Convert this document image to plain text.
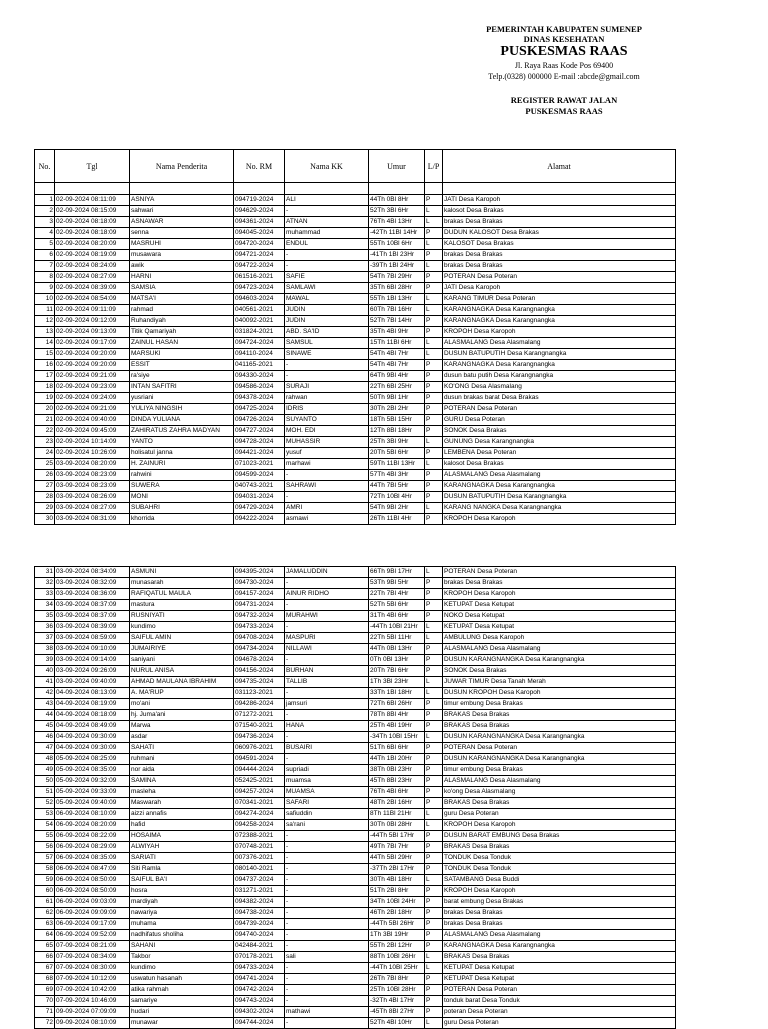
PEMERINTAH KABUPATEN SUMENEP
DINAS KESEHATAN
PUSKESMAS RAAS
Jl. Raya Raas Kode Pos 69400
Telp.(0328) 000000 E-mail :abcde@gmail.com
REGISTER RAWAT JALAN
PUSKESMAS RAAS
No.	Tgl	Nama Penderita	No. RM	Nama KK	Umur	L/P	Alamat

1	02-09-2024 08:11:09	ASNIYA	094719-2024	ALI	44Th 0Bl 8Hr	P	JATI Desa Karopoh
2	02-09-2024 08:15:09	sahwari	094629-2024	-	52Th 3Bl 6Hr	L	kalosot Desa Brakas
3	02-09-2024 08:18:09	ASNAWAR	094361-2024	ATNAN	76Th 4Bl 13Hr	L	brakas Desa Brakas
4	02-09-2024 08:18:09	senna	094045-2024	muhammad	-42Th 11Bl 14Hr	P	DUDUN KALOSOT Desa Brakas
5	02-09-2024 08:20:09	MASRUHI	094720-2024	ENDUL	55Th 10Bl 6Hr	L	KALOSOT Desa Brakas
6	02-09-2024 08:19:09	musawara	094721-2024	-	-41Th 1Bl 23Hr	P	brakas Desa Brakas
7	02-09-2024 08:24:09	awik	094722-2024	-	-39Th 1Bl 24Hr	L	brakas Desa Brakas
8	02-09-2024 08:27:09	HARNI	061516-2021	SAFIE	54Th 7Bl 29Hr	P	POTERAN Desa Poteran
9	02-09-2024 08:39:09	SAMSIA	094723-2024	SAMLAWI	35Th 6Bl 28Hr	P	JATI Desa Karopoh
10	02-09-2024 08:54:09	MATSA'I	094603-2024	MAWAL	55Th 1Bl 13Hr	L	KARANG TIMUR Desa Poteran
11	02-09-2024 09:11:09	rahmad	040561-2021	JUDIN	60Th 7Bl 16Hr	L	KARANGNAGKA Desa Karangnangka
12	02-09-2024 09:12:09	Ruhandiyah	040092-2021	JUDIN	52Th 7Bl 14Hr	P	KARANGNAGKA Desa Karangnangka
13	02-09-2024 09:13:09	Titik Qamariyah	031824-2021	ABD. SA'ID	35Th 4Bl 9Hr	P	KROPOH Desa Karopoh
14	02-09-2024 09:17:09	ZAINUL HASAN	094724-2024	SAMSUL	15Th 11Bl 6Hr	L	ALASMALANG Desa Alasmalang
15	02-09-2024 09:20:09	MARSUKI	094110-2024	SINAWE	54Th 4Bl 7Hr	L	DUSUN BATUPUTIH Desa Karangnangka
16	02-09-2024 09:20:09	ESSIT	041165-2021	-	54Th 4Bl 7Hr	P	KARANGNAGKA Desa Karangnangka
17	02-09-2024 09:21:09	ra'siye	094330-2024	-	64Th 9Bl 4Hr	P	dusun batu putih Desa Karangnangka
18	02-09-2024 09:23:09	INTAN SAFITRI	094586-2024	SURAJI	22Th 6Bl 25Hr	P	KO'ONG Desa Alasmalang
19	02-09-2024 09:24:09	yusriani	094378-2024	rahwan	50Th 9Bl 1Hr	P	dusun brakas barat Desa Brakas
20	02-09-2024 09:21:09	YULIYA NINGSIH	094725-2024	IDRIS	30Th 2Bl 2Hr	P	POTERAN Desa Poteran
21	02-09-2024 09:40:09	DINDA YULIANA	094726-2024	SUYANTO	18Th 5Bl 15Hr	P	GURU Desa Poteran
22	02-09-2024 09:45:09	ZAHIRATUS ZAHRA MADYAN	094727-2024	MOH. EDI	12Th 8Bl 18Hr	P	SONOK Desa Brakas
23	02-09-2024 10:14:09	YANTO	094728-2024	MUHASSIR	25Th 3Bl 9Hr	L	GUNUNG Desa Karangnangka
24	02-09-2024 10:26:09	holisatul janna	094421-2024	yusuf	20Th 5Bl 6Hr	P	LEMBENA Desa Poteran
25	03-09-2024 08:20:09	H. ZAINURI	071023-2021	marhawi	59Th 11Bl 13Hr	L	kalosot Desa Brakas
26	03-09-2024 08:23:09	rahwini	094599-2024	-	57Th 4Bl 3Hr	P	ALASMALANG Desa Alasmalang
27	03-09-2024 08:23:09	SUWERA	040743-2021	SAHRAWI	44Th 7Bl 5Hr	P	KARANGNAGKA Desa Karangnangka
28	03-09-2024 08:26:09	MONI	094031-2024	-	72Th 10Bl 4Hr	P	DUSUN BATUPUTIH Desa Karangnangka
29	03-09-2024 08:27:09	SUBAHRI	094729-2024	AMRI	54Th 9Bl 2Hr	L	KARANG NANGKA Desa Karangnangka
30	03-09-2024 08:31:09	khorrida	094222-2024	asmawi	26Th 11Bl 4Hr	P	KROPOH Desa Karopoh
31	03-09-2024 08:34:09	ASMUNI	094395-2024	JAMALUDDIN	66Th 9Bl 17Hr	L	POTERAN Desa Poteran
32	03-09-2024 08:32:09	munasarah	094730-2024	-	53Th 9Bl 5Hr	P	brakas Desa Brakas
33	03-09-2024 08:36:09	RAFIQATUL MAULA	094157-2024	AINUR RIDHO	22Th 7Bl 4Hr	P	KROPOH Desa Karopoh
34	03-09-2024 08:37:09	mastura	094731-2024	-	52Th 5Bl 6Hr	P	KETUPAT Desa Ketupat
35	03-09-2024 08:37:09	RUSNIYATI	094732-2024	MURAHWI	31Th 4Bl 6Hr	P	NOKO Desa Ketupat
36	03-09-2024 08:39:09	kundimo	094733-2024	-	-44Th 10Bl 21Hr	L	KETUPAT Desa Ketupat
37	03-09-2024 08:59:09	SAIFUL AMIN	094708-2024	MASPURI	22Th 5Bl 11Hr	L	AMBULUNG Desa Karopoh
38	03-09-2024 09:10:09	JUMAIRIYE	094734-2024	NILLAWI	44Th 0Bl 13Hr	P	ALASMALANG Desa Alasmalang
39	03-09-2024 09:14:09	saniyani	094678-2024	-	0Th 0Bl 13Hr	P	DUSUN KARANGNANGKA Desa Karangnangka
40	03-09-2024 09:26:09	NURUL ANISA	094156-2024	BURHAN	20Th 7Bl 6Hr	P	SONOK Desa Brakas
41	03-09-2024 09:40:09	AHMAD MAULANA IBRAHIM	094735-2024	TALLIB	1Th 3Bl 23Hr	L	JUWAR TIMUR Desa Tanah Merah
42	04-09-2024 08:13:09	A. MA'RUP	031123-2021	-	33Th 1Bl 18Hr	L	DUSUN KROPOH Desa Karopoh
43	04-09-2024 08:19:09	mo'ani	094286-2024	jamsuri	72Th 6Bl 26Hr	P	timur embung Desa Brakas
44	04-09-2024 08:18:09	hj. Juma'ani	071272-2021	-	78Th 8Bl 4Hr	P	BRAKAS Desa Brakas
45	04-09-2024 08:49:09	Marwa	071540-2021	HANA	25Th 4Bl 19Hr	P	BRAKAS Desa Brakas
46	04-09-2024 09:30:09	asdar	094736-2024	-	-34Th 10Bl 15Hr	L	DUSUN KARANGNANGKA Desa Karangnangka
47	04-09-2024 09:30:09	SAHATI	060976-2021	BUSAIRI	51Th 6Bl 6Hr	P	POTERAN Desa Poteran
48	05-09-2024 08:25:09	ruhmani	094591-2024	-	44Th 1Bl 20Hr	P	DUSUN KARANGNANGKA Desa Karangnangka
49	05-09-2024 08:35:09	nor aida	094444-2024	supriadi	38Th 0Bl 23Hr	P	timur embung Desa Brakas
50	05-09-2024 09:32:09	SAMINA	052425-2021	muamsa	45Th 8Bl 23Hr	P	ALASMALANG Desa Alasmalang
51	05-09-2024 09:33:09	masleha	094257-2024	MUAMSA	76Th 4Bl 6Hr	P	ko'ong Desa Alasmalang
52	05-09-2024 09:40:09	Maswarah	070341-2021	SAFARI	48Th 2Bl 16Hr	P	BRAKAS Desa Brakas
53	06-09-2024 08:10:09	aizzi annafis	094274-2024	safiuddin	8Th 11Bl 21Hr	L	guru Desa Poteran
54	06-09-2024 08:20:09	hafid	094258-2024	sa'rani	30Th 0Bl 28Hr	L	KROPOH Desa Karopoh
55	06-09-2024 08:22:09	HOSAIMA	072388-2021	-	-44Th 5Bl 17Hr	P	DUSUN BARAT EMBUNG Desa Brakas
56	06-09-2024 08:29:09	ALWIYAH	070748-2021	-	49Th 7Bl 7Hr	P	BRAKAS Desa Brakas
57	06-09-2024 08:35:09	SARIATI	007376-2021	-	44Th 5Bl 29Hr	P	TONDUK Desa Tonduk
58	06-09-2024 08:47:09	Siti Ramla	080140-2021	-	-37Th 2Bl 17Hr	P	TONDUK Desa Tonduk
59	06-09-2024 08:50:09	SAIFUL BA'I	094737-2024	-	30Th 4Bl 18Hr	L	SATAMBANG Desa Buddi
60	06-09-2024 08:50:09	hosra	031271-2021	-	51Th 2Bl 8Hr	P	KROPOH Desa Karopoh
61	06-09-2024 09:03:09	mardiyah	094382-2024	-	34Th 10Bl 24Hr	P	barat embung Desa Brakas
62	06-09-2024 09:09:09	nawariya	094738-2024	-	46Th 2Bl 18Hr	P	brakas Desa Brakas
63	06-09-2024 09:17:09	muhama	094739-2024	-	-44Th 5Bl 26Hr	P	brakas Desa Brakas
64	06-09-2024 09:52:09	nadhifatus sholiha	094740-2024	-	1Th 3Bl 19Hr	P	ALASMALANG Desa Alasmalang
65	07-09-2024 08:21:09	SAHANI	042484-2021	-	55Th 2Bl 12Hr	P	KARANGNAGKA Desa Karangnangka
66	07-09-2024 08:34:09	Takbor	070178-2021	sali	88Th 10Bl 26Hr	L	BRAKAS Desa Brakas
67	07-09-2024 08:30:09	kundimo	094733-2024	-	-44Th 10Bl 25Hr	L	KETUPAT Desa Ketupat
68	07-09-2024 10:12:09	uswatun hasanah	094741-2024	-	26Th 7Bl 8Hr	P	KETUPAT Desa Ketupat
69	07-09-2024 10:42:09	atika rahmah	094742-2024	-	25Th 10Bl 28Hr	P	POTERAN Desa Poteran
70	07-09-2024 10:46:09	samariye	094743-2024	-	-32Th 4Bl 17Hr	P	tonduk barat Desa Tonduk
71	09-09-2024 07:09:09	hudari	094302-2024	mathawi	-45Th 8Bl 27Hr	P	poteran Desa Poteran
72	09-09-2024 08:10:09	munawar	094744-2024	-	52Th 4Bl 10Hr	L	guru Desa Poteran
